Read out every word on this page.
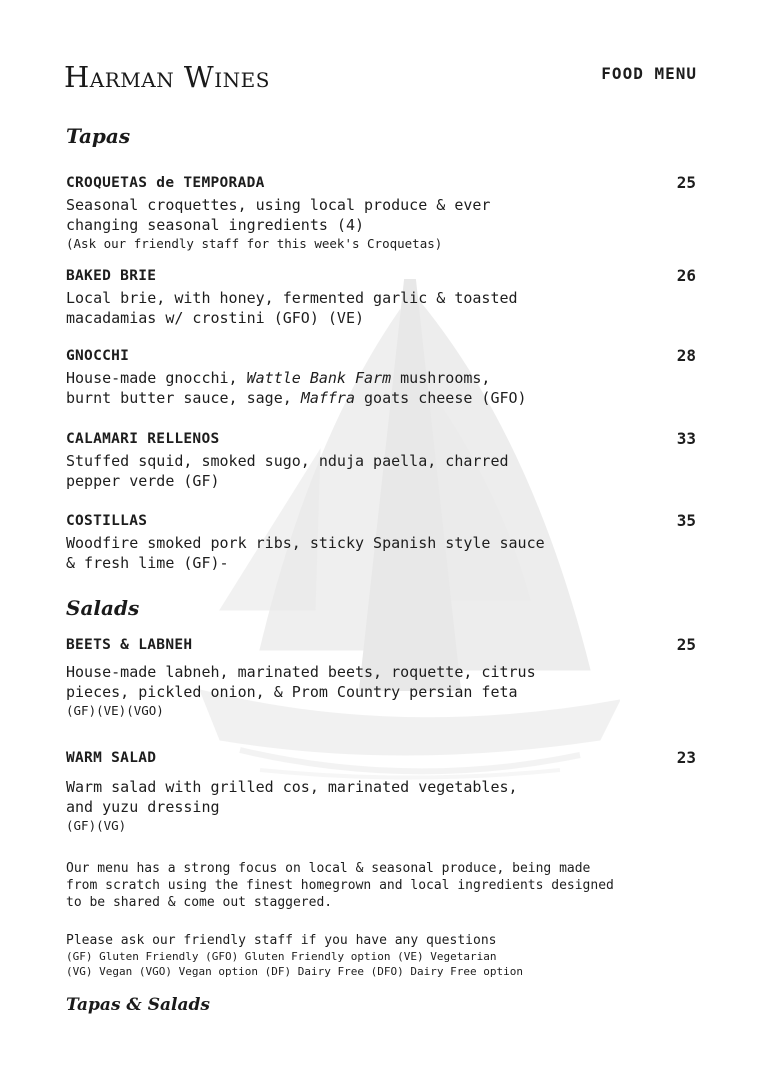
Harman Wines	FOOD MENU
Tapas
CROQUETAS de TEMPORADA	25
Seasonal croquettes, using local produce & ever
changing seasonal ingredients (4)
(Ask our friendly staff for this week's Croquetas)
BAKED BRIE	26
Local brie, with honey, fermented garlic & toasted
macadamias w/ crostini (GFO) (VE)
GNOCCHI	28
House-made gnocchi, Wattle Bank Farm mushrooms,
burnt butter sauce, sage, Maffra goats cheese (GFO)
CALAMARI RELLENOS	33
Stuffed squid, smoked sugo, nduja paella, charred
pepper verde (GF)
COSTILLAS	35
Woodfire smoked pork ribs, sticky Spanish style sauce
& fresh lime (GF)-
Salads
BEETS & LABNEH	25
House-made labneh, marinated beets, roquette, citrus
pieces, pickled onion, & Prom Country persian feta
(GF)(VE)(VGO)
WARM SALAD	23
Warm salad with grilled cos, marinated vegetables,
and yuzu dressing
(GF)(VG)
Our menu has a strong focus on local & seasonal produce, being made
from scratch using the finest homegrown and local ingredients designed
to be shared & come out staggered.
Please ask our friendly staff if you have any questions
(GF) Gluten Friendly (GFO) Gluten Friendly option (VE) Vegetarian
(VG) Vegan (VGO) Vegan option (DF) Dairy Free (DFO) Dairy Free option
Tapas & Salads
